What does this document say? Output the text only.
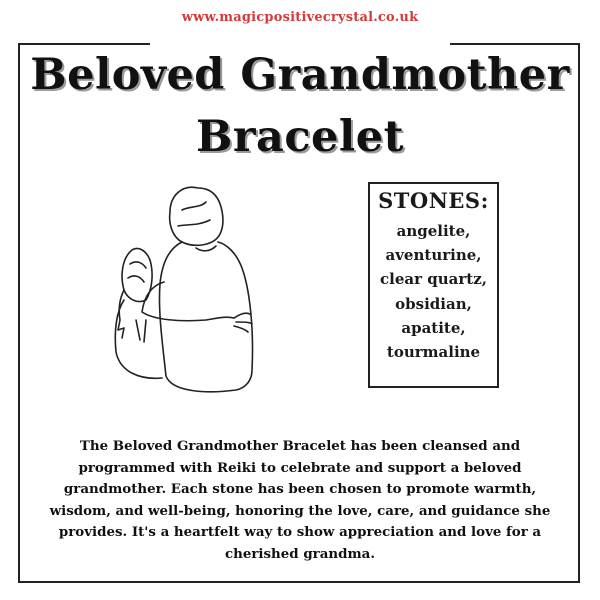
www.magicpositivecrystal.co.uk
Beloved Grandmother
Bracelet
STONES:
angelite,
aventurine,
clear quartz,
obsidian,
apatite,
tourmaline
The Beloved Grandmother Bracelet has been cleansed and programmed with Reiki to celebrate and support a beloved grandmother. Each stone has been chosen to promote warmth, wisdom, and well-being, honoring the love, care, and guidance she provides. It's a heartfelt way to show appreciation and love for a cherished grandma.
